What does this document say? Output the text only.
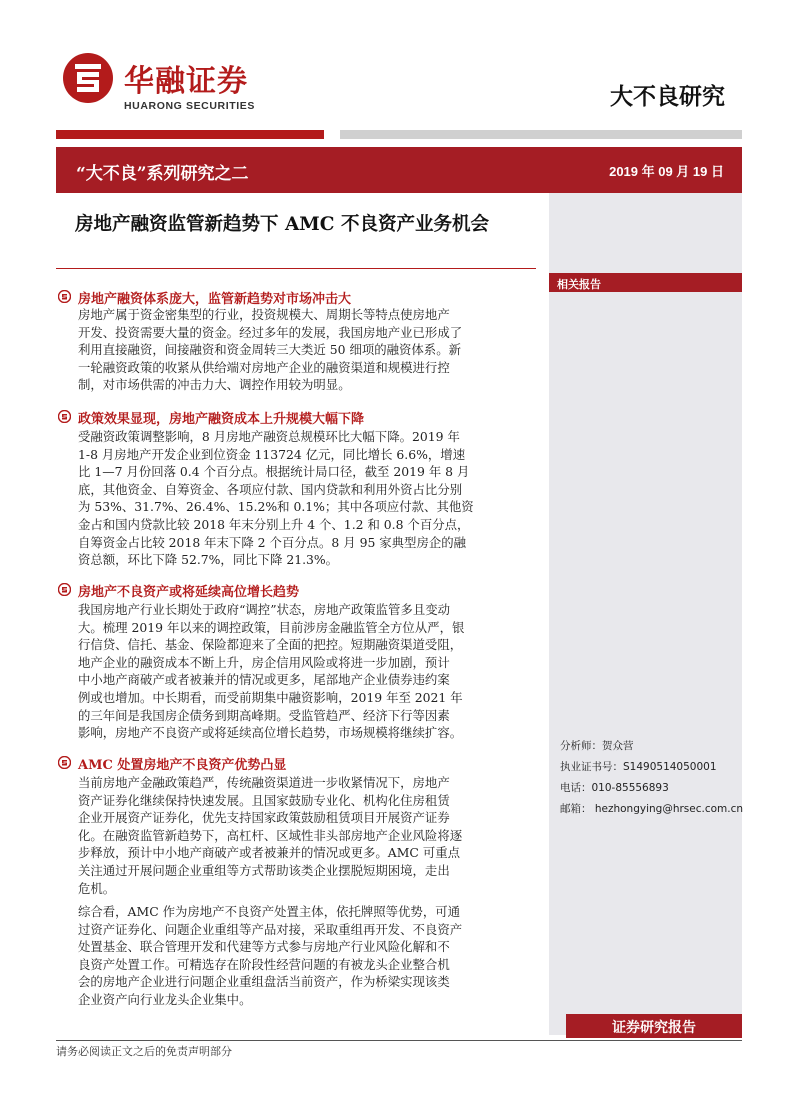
华融证券
HUARONG SECURITIES	大不良研究
“大不良”系列研究之二	2019 年 09 月 19 日
相关报告
房地产融资监管新趋势下 AMC 不良资产业务机会
房地产融资体系庞大，监管新趋势对市场冲击大
房地产属于资金密集型的行业，投资规模大、周期长等特点使房地产
开发、投资需要大量的资金。经过多年的发展，我国房地产业已形成了
利用直接融资，间接融资和资金周转三大类近 50 细项的融资体系。新
一轮融资政策的收紧从供给端对房地产企业的融资渠道和规模进行控
制，对市场供需的冲击力大、调控作用较为明显。
政策效果显现，房地产融资成本上升规模大幅下降
受融资政策调整影响，8 月房地产融资总规模环比大幅下降。2019 年
1-8 月房地产开发企业到位资金 113724 亿元，同比增长 6.6%，增速
比 1—7 月份回落 0.4 个百分点。根据统计局口径，截至 2019 年 8 月
底，其他资金、自筹资金、各项应付款、国内贷款和利用外资占比分别
为 53%、31.7%、26.4%、15.2%和 0.1%；其中各项应付款、其他资
金占和国内贷款比较 2018 年末分别上升 4 个、1.2 和 0.8 个百分点，
自筹资金占比较 2018 年末下降 2 个百分点。8 月 95 家典型房企的融
资总额，环比下降 52.7%，同比下降 21.3%。
房地产不良资产或将延续高位增长趋势
我国房地产行业长期处于政府“调控”状态，房地产政策监管多且变动
大。梳理 2019 年以来的调控政策，目前涉房金融监管全方位从严，银
行信贷、信托、基金、保险都迎来了全面的把控。短期融资渠道受阻，
地产企业的融资成本不断上升，房企信用风险或将进一步加剧，预计
中小地产商破产或者被兼并的情况或更多，尾部地产企业债券违约案
例或也增加。中长期看，而受前期集中融资影响，2019 年至 2021 年
的三年间是我国房企债务到期高峰期。受监管趋严、经济下行等因素
影响，房地产不良资产或将延续高位增长趋势，市场规模将继续扩容。
AMC 处置房地产不良资产优势凸显
当前房地产金融政策趋严，传统融资渠道进一步收紧情况下，房地产
资产证券化继续保持快速发展。且国家鼓励专业化、机构化住房租赁
企业开展资产证券化，优先支持国家政策鼓励租赁项目开展资产证券
化。在融资监管新趋势下，高杠杆、区域性非头部房地产企业风险将逐
步释放，预计中小地产商破产或者被兼并的情况或更多。AMC 可重点
关注通过开展问题企业重组等方式帮助该类企业摆脱短期困境，走出
危机。
综合看，AMC 作为房地产不良资产处置主体，依托牌照等优势，可通
过资产证券化、问题企业重组等产品对接，采取重组再开发、不良资产
处置基金、联合管理开发和代建等方式参与房地产行业风险化解和不
良资产处置工作。可精选存在阶段性经营问题的有被龙头企业整合机
会的房地产企业进行问题企业重组盘活当前资产，作为桥梁实现该类
企业资产向行业龙头企业集中。
分析师：贺众营
执业证书号：S1490514050001
电话：010-85556893
邮箱： hezhongying@hrsec.com.cn
证券研究报告
请务必阅读正文之后的免责声明部分
